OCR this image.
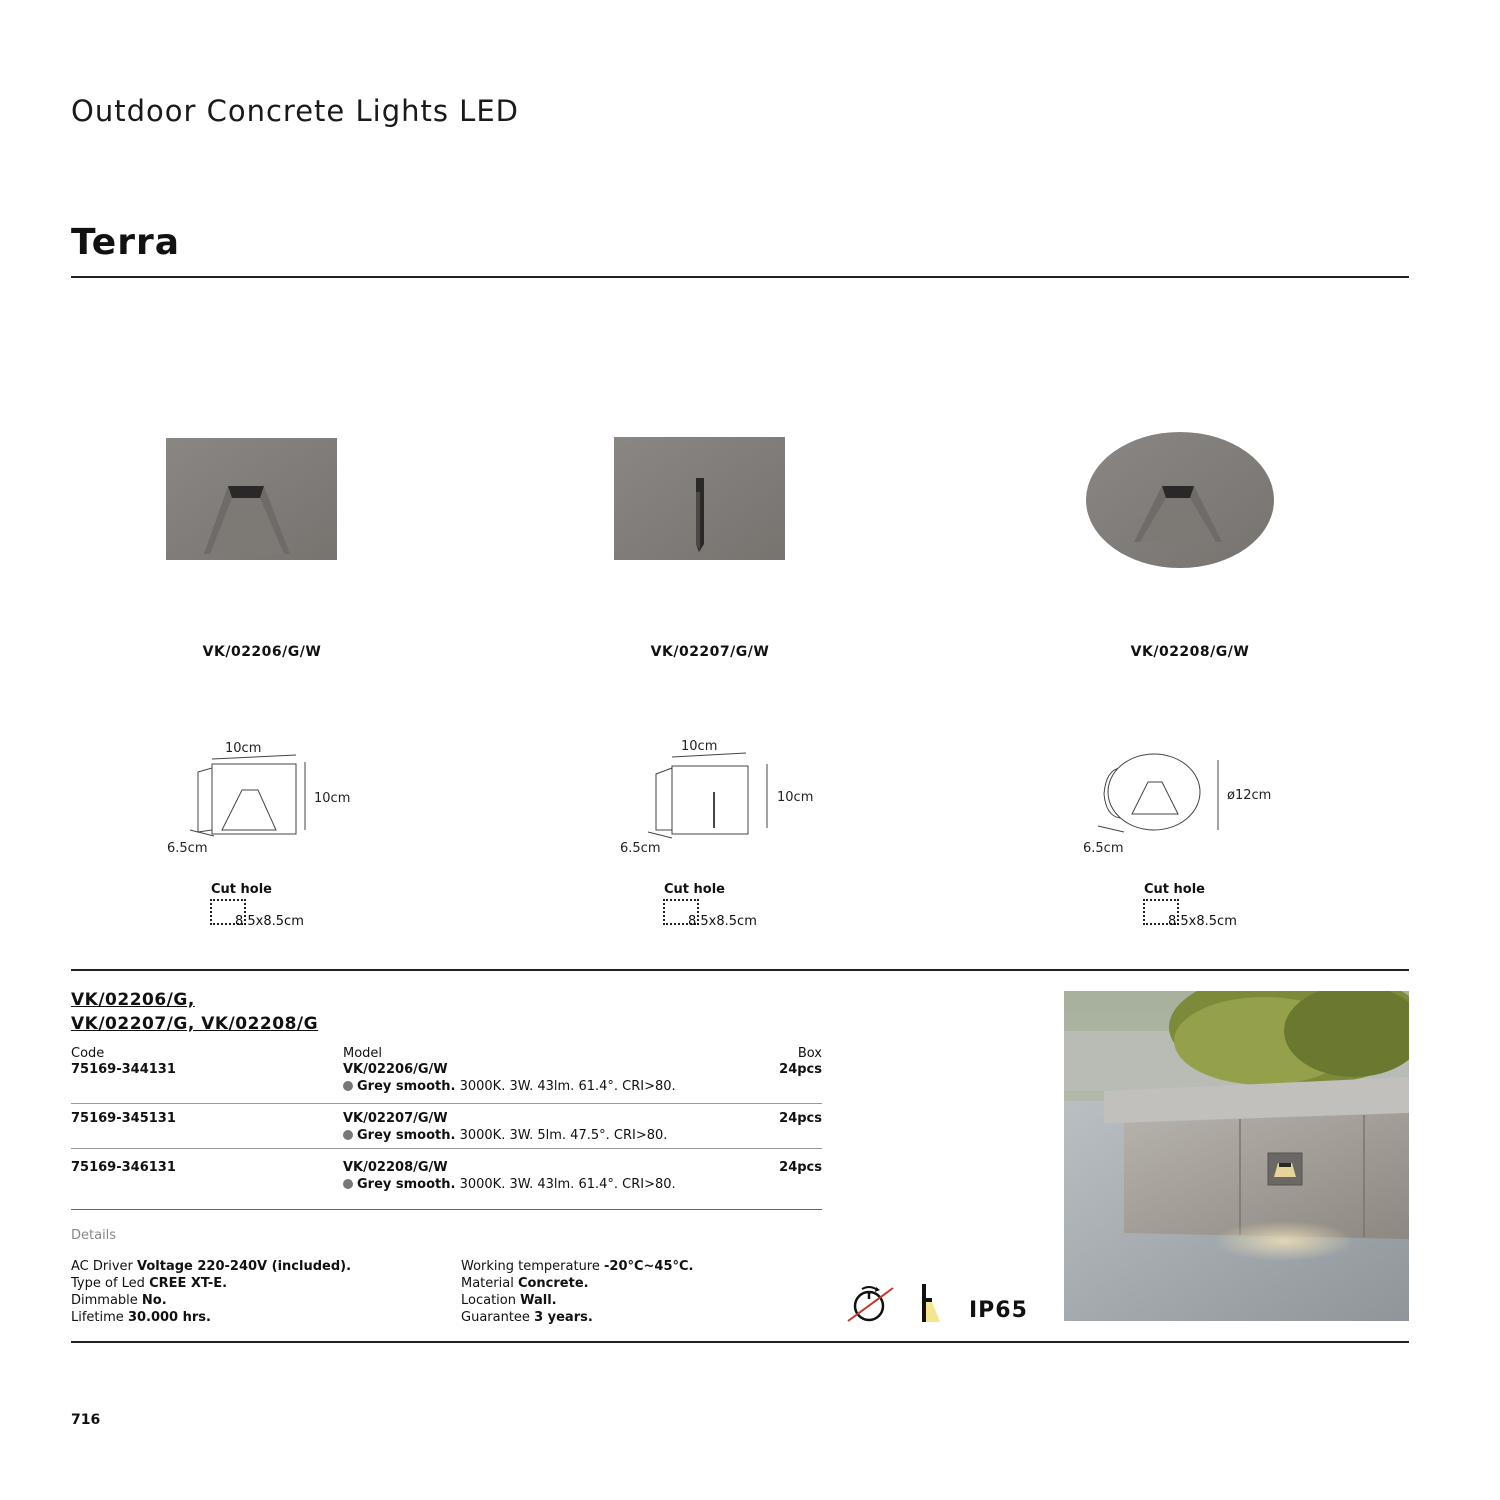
Outdoor Concrete Lights LED
Terra
VK/02206/G/W	VK/02207/G/W	VK/02208/G/W
10cm
10cm
6.5cm
10cm
10cm
6.5cm
ø12cm
6.5cm
Cut hole
8.5x8.5cm
Cut hole
8.5x8.5cm
Cut hole
8.5x8.5cm
VK/02206/G,
VK/02207/G, VK/02208/G
Code	Model	Box
75169-344131	VK/02206/G/W	24pcs
Grey smooth. 3000K. 3W. 43lm. 61.4°. CRI>80.
75169-345131	VK/02207/G/W	24pcs
Grey smooth. 3000K. 3W. 5lm. 47.5°. CRI>80.
75169-346131	VK/02208/G/W	24pcs
Grey smooth. 3000K. 3W. 43lm. 61.4°. CRI>80.
Details
AC Driver Voltage 220-240V (included).
Type of Led CREE XT-E.
Dimmable No.
Lifetime 30.000 hrs.
Working temperature -20°C~45°C.
Material Concrete.
Location Wall.
Guarantee 3 years.	IP65
716
